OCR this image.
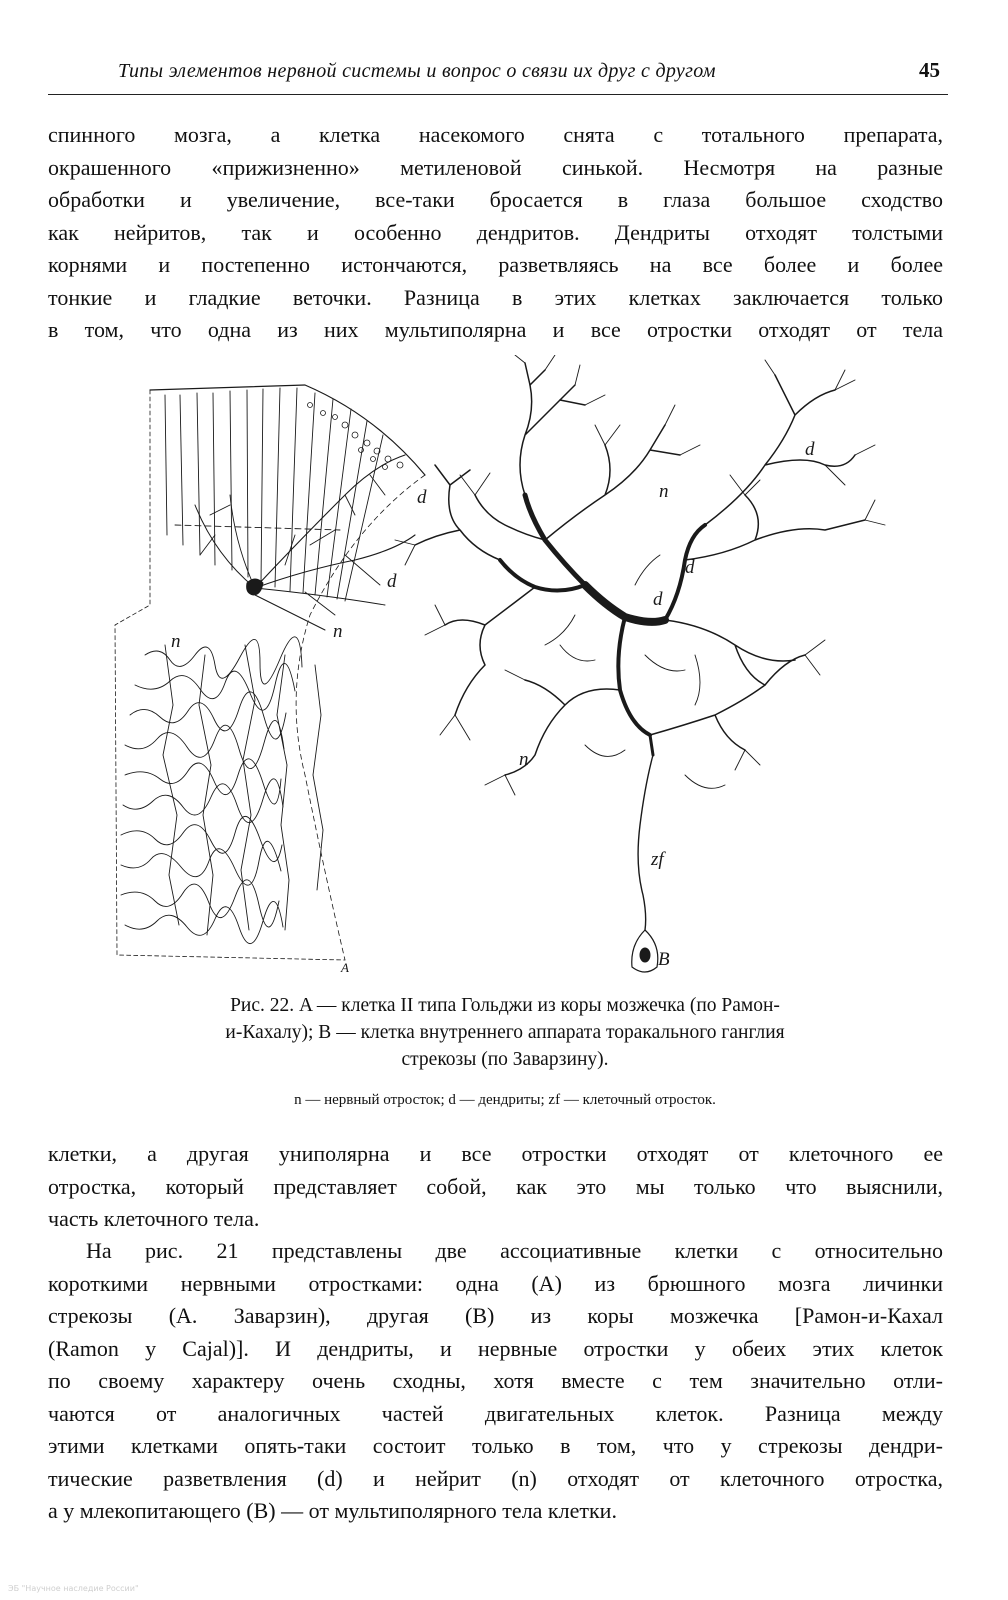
Типы элементов нервной системы и вопрос о связи их друг с другом	45
спинного мозга, а клетка насекомого снята с тотального препарата,
окрашенного «прижизненно» метиленовой синькой. Несмотря на разные
обработки и увеличение, все-таки бросается в глаза большое сходство
как нейритов, так и особенно дендритов. Дендриты отходят толстыми
корнями и постепенно истончаются, разветвляясь на все более и более
тонкие и гладкие веточки. Разница в этих клетках заключается только
в том, что одна из них мультиполярна и все отростки отходят от тела
d
d
n
n
A
d
d
d
n
n
zf
B
Рис. 22. A — клетка II типа Гольджи из коры мозжечка (по Рамон-
и-Кахалу); B — клетка внутреннего аппарата торакального ганглия
стрекозы (по Заварзину).
n — нервный отросток; d — дендриты; zf — клеточный отросток.
клетки, а другая униполярна и все отростки отходят от клеточного ее
отростка, который представляет собой, как это мы только что выяснили,
часть клеточного тела.
На рис. 21 представлены две ассоциативные клетки с относительно
короткими нервными отростками: одна (A) из брюшного мозга личинки
стрекозы (А. Заварзин), другая (B) из коры мозжечка [Рамон-и-Кахал
(Ramon y Cajal)]. И дендриты, и нервные отростки у обеих этих клеток
по своему характеру очень сходны, хотя вместе с тем значительно отли-
чаются от аналогичных частей двигательных клеток. Разница между
этими клетками опять-таки состоит только в том, что у стрекозы дендри-
тические разветвления (d) и нейрит (n) отходят от клеточного отростка,
а у млекопитающего (B) — от мультиполярного тела клетки.
ЭБ "Научное наследие России"
